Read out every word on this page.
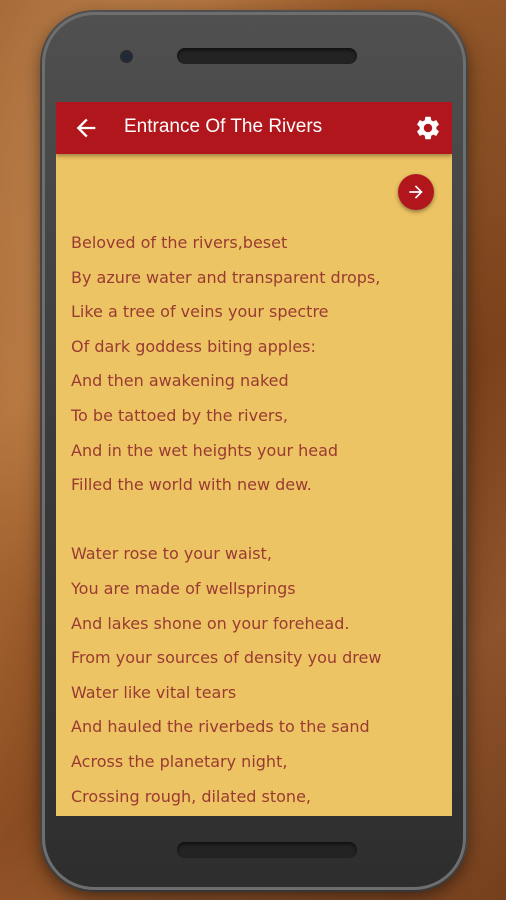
Entrance Of The Rivers
Beloved of the rivers,beset
By azure water and transparent drops,
Like a tree of veins your spectre
Of dark goddess biting apples:
And then awakening naked
To be tattoed by the rivers,
And in the wet heights your head
Filled the world with new dew.
Water rose to your waist,
You are made of wellsprings
And lakes shone on your forehead.
From your sources of density you drew
Water like vital tears
And hauled the riverbeds to the sand
Across the planetary night,
Crossing rough, dilated stone,
